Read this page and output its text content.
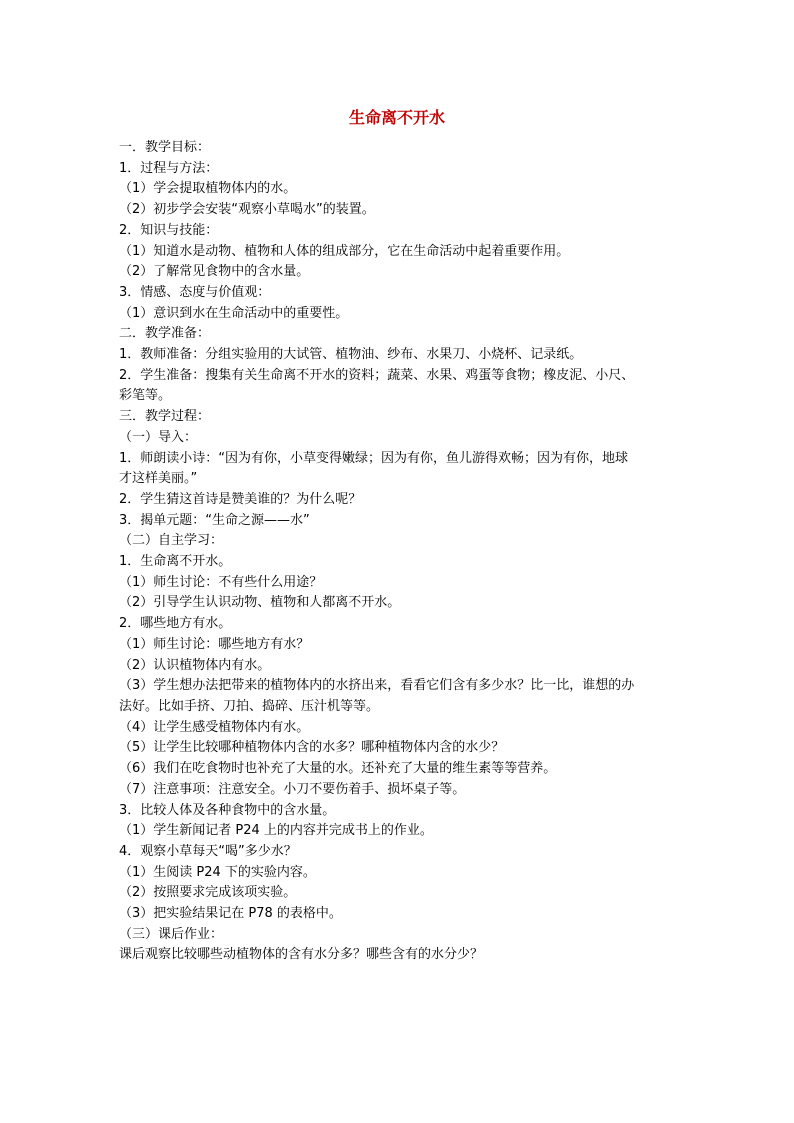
生命离不开水
一．教学目标：
1．过程与方法：
（1）学会提取植物体内的水。
（2）初步学会安装“观察小草喝水”的装置。
2．知识与技能：
（1）知道水是动物、植物和人体的组成部分，它在生命活动中起着重要作用。
（2）了解常见食物中的含水量。
3．情感、态度与价值观：
（1）意识到水在生命活动中的重要性。
二．教学准备：
1．教师准备：分组实验用的大试管、植物油、纱布、水果刀、小烧杯、记录纸。
2．学生准备：搜集有关生命离不开水的资料；蔬菜、水果、鸡蛋等食物；橡皮泥、小尺、
彩笔等。
三．教学过程：
（一）导入：
1．师朗读小诗：“因为有你，小草变得嫩绿；因为有你，鱼儿游得欢畅；因为有你，地球
才这样美丽。”
2．学生猜这首诗是赞美谁的？为什么呢？
3．揭单元题：“生命之源——水”
（二）自主学习：
1．生命离不开水。
（1）师生讨论：不有些什么用途？
（2）引导学生认识动物、植物和人都离不开水。
2．哪些地方有水。
（1）师生讨论：哪些地方有水？
（2）认识植物体内有水。
（3）学生想办法把带来的植物体内的水挤出来，看看它们含有多少水？比一比，谁想的办
法好。比如手挤、刀拍、捣碎、压汁机等等。
（4）让学生感受植物体内有水。
（5）让学生比较哪种植物体内含的水多？哪种植物体内含的水少？
（6）我们在吃食物时也补充了大量的水。还补充了大量的维生素等等营养。
（7）注意事项：注意安全。小刀不要伤着手、损坏桌子等。
3．比较人体及各种食物中的含水量。
（1）学生新闻记者 P24 上的内容并完成书上的作业。
4．观察小草每天“喝”多少水？
（1）生阅读 P24 下的实验内容。
（2）按照要求完成该项实验。
（3）把实验结果记在 P78 的表格中。
（三）课后作业：
课后观察比较哪些动植物体的含有水分多？哪些含有的水分少？
